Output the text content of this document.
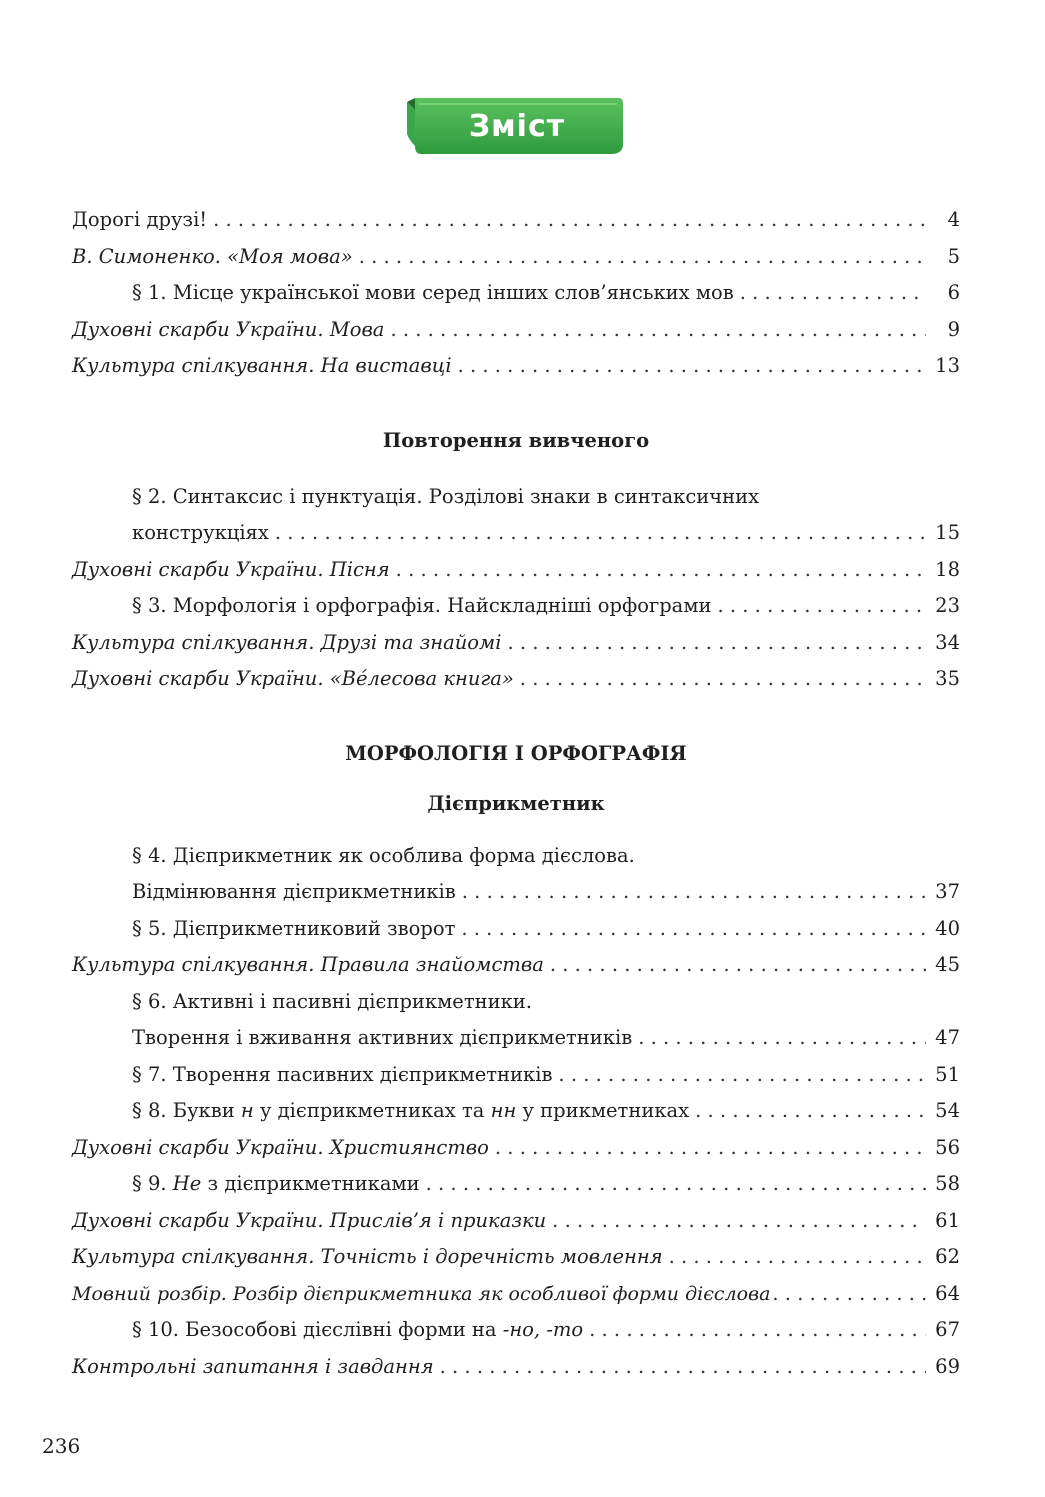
Зміст
Дорогі друзі! . . .	4
В. Симоненко. «Моя мова» . . .	5
§ 1. Місце української мови серед інших слов’янських мов . . .	6
Духовні скарби України. Мова . . .	9
Культура спілкування. На виставці . . .	13
Повторення вивченого
§ 2. Синтаксис і пунктуація. Розділові знаки в синтаксичних
конструкціях . . .	15
Духовні скарби України. Пісня . . .	18
§ 3. Морфологія і орфографія. Найскладніші орфограми . . .	23
Культура спілкування. Друзі та знайомі . . .	34
Духовні скарби України. «Вéлесова книга» . . .	35
МОРФОЛОГІЯ І ОРФОГРАФІЯ
Дієприкметник
§ 4. Дієприкметник як особлива форма дієслова.
Відмінювання дієприкметників . . .	37
§ 5. Дієприкметниковий зворот . . .	40
Культура спілкування. Правила знайомства . . .	45
§ 6. Активні і пасивні дієприкметники.
Творення і вживання активних дієприкметників . . .	47
§ 7. Творення пасивних дієприкметників . . .	51
§ 8. Букви н у дієприкметниках та нн у прикметниках . . .	54
Духовні скарби України. Християнство . . .	56
§ 9. Не з дієприкметниками . . .	58
Духовні скарби України. Прислів’я і приказки . . .	61
Культура спілкування. Точність і доречність мовлення . . .	62
Мовний розбір. Розбір дієприкметника як особливої форми дієслова . . .	64
§ 10. Безособові дієслівні форми на -но, -то . . .	67
Контрольні запитання і завдання . . .	69
236
